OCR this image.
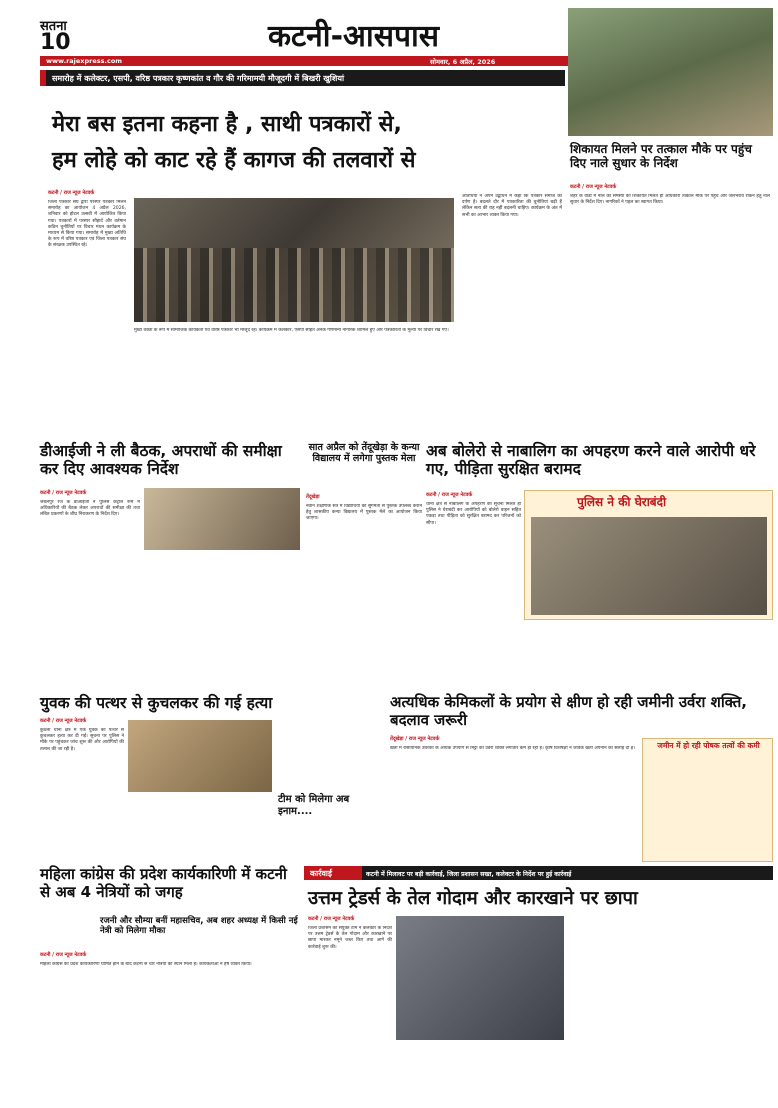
सतना
10	कटनी-आसपास
www.rajexpress.com	सोमवार, 6 अप्रैल, 2026
समारोह में कलेक्टर, एसपी, वरिष्ठ पत्रकार कृष्णकांत व गौर की गरिमामयी मौजूदगी में बिखरी खुशियां
मेरा बस इतना कहना है , साथी पत्रकारों से,
हम लोहे को काट रहे हैं कागज की तलवारों से
कटनी / राज न्यूज नेटवर्क
जिला पत्रकार संघ द्वारा परस्पर पत्रकार मिलन समारोह का आयोजन 4 अप्रैल 2026, शनिवार को होटल उत्सवी में आयोजित किया गया। पत्रकारों में परस्पर सौहार्द और वर्तमान कठिन चुनौतियों पर विचार मंथन कार्यक्रम के माध्यम से किया गया। समारोह में मुख्य अतिथि के रूप में वरिष्ठ पत्रकार एवं जिला पत्रकार संघ के संरक्षक उपस्थित रहे।
मुख्य वक्ता के रूप में सामाजिक कार्यकर्ता एवं वरिष्ठ पत्रकार भी मौजूद रहे। कार्यक्रम में कलेक्टर, एसपी सहित अनेक गणमान्य नागरिक शामिल हुए और पत्रकारिता के मूल्यों पर विचार रखे गए।
अतिथियों ने अपने उद्बोधन में कहा कि पत्रकार समाज का दर्पण है। बदलते दौर में पत्रकारिता की चुनौतियां बढ़ी हैं लेकिन सत्य की राह नहीं बदलनी चाहिए। कार्यक्रम के अंत में सभी का आभार व्यक्त किया गया।
शिकायत मिलने पर तत्काल मौके पर पहुंच दिए नाले सुधार के निर्देश
कटनी / राज न्यूज नेटवर्क
शहर के वार्डों में नाले की समस्या की शिकायत मिलते ही अधिकारी तत्काल मौके पर पहुंचे और जलभराव रोकने हेतु नाले सुधार के निर्देश दिए। नागरिकों ने पहल का स्वागत किया।
डीआईजी ने ली बैठक, अपराधों की समीक्षा कर दिए आवश्यक निर्देश
कटनी / राज न्यूज नेटवर्क
जबलपुर रेंज के डीआईजी ने पुलिस कंट्रोल रूम में अधिकारियों की बैठक लेकर अपराधों की समीक्षा की तथा लंबित प्रकरणों के शीघ्र निराकरण के निर्देश दिए।
सात अप्रैल को तेंदूखेड़ा के कन्या विद्यालय में लगेगा पुस्तक मेला
तेंदूखेड़ा
नवीन शैक्षणिक सत्र में विद्यार्थियों को सुगमता से पुस्तकें उपलब्ध कराने हेतु शासकीय कन्या विद्यालय में पुस्तक मेले का आयोजन किया जाएगा।
अब बोलेरो से नाबालिग का अपहरण करने वाले आरोपी धरे गए, पीड़िता सुरक्षित बरामद
कटनी / राज न्यूज नेटवर्क
थाना क्षेत्र से नाबालिग के अपहरण की सूचना मिलते ही पुलिस ने घेराबंदी कर आरोपियों को बोलेरो वाहन सहित पकड़ा तथा पीड़िता को सुरक्षित बरामद कर परिजनों को सौंपा।
पुलिस ने की घेराबंदी
युवक की पत्थर से कुचलकर की गई हत्या
कटनी / राज न्यूज नेटवर्क
कुठला थाना क्षेत्र में एक युवक की पत्थर से कुचलकर हत्या कर दी गई। सूचना पर पुलिस ने मौके पर पहुंचकर जांच शुरू की और आरोपियों की तलाश की जा रही है।
टीम को मिलेगा अब इनाम....
अत्यधिक केमिकलों के प्रयोग से क्षीण हो रही जमीनी उर्वरा शक्ति, बदलाव जरूरी
तेंदूखेड़ा / राज न्यूज नेटवर्क
खेती में रासायनिक उर्वरकों के अधिक उपयोग से मिट्टी की उर्वरा शक्ति लगातार कम हो रही है। कृषि विशेषज्ञों ने जैविक खेती अपनाने की सलाह दी है।	जमीन में हो रही पोषक तत्वों की कमी
महिला कांग्रेस की प्रदेश कार्यकारिणी में कटनी से अब 4 नेत्रियों को जगह
रजनी और सौम्या बनीं महासचिव, अब शहर अध्यक्ष में किसी नई नेत्री को मिलेगा मौका
कटनी / राज न्यूज नेटवर्क
महिला कांग्रेस की प्रदेश कार्यकारिणी घोषित होने के बाद कटनी से चार नेत्रियों को स्थान मिला है। कार्यकर्ताओं ने हर्ष व्यक्त किया।
कार्रवाई	कटनी में मिलावट पर बड़ी कार्रवाई, जिला प्रशासन सख्त, कलेक्टर के निर्देश पर हुई कार्रवाई
उत्तम ट्रेडर्स के तेल गोदाम और कारखाने पर छापा
कटनी / राज न्यूज नेटवर्क
जिला प्रशासन की संयुक्त टीम ने कलेक्टर के निर्देश पर उत्तम ट्रेडर्स के तेल गोदाम और कारखाने पर छापा मारकर नमूने जब्त किए तथा आगे की कार्रवाई शुरू की।
